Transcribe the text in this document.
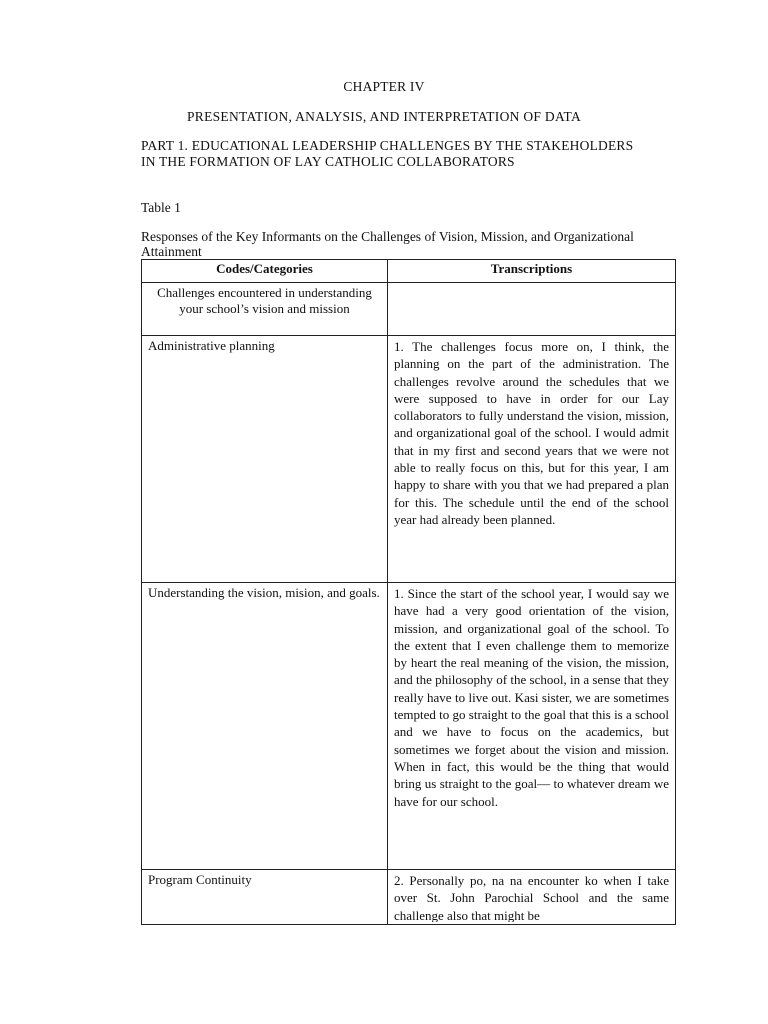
CHAPTER IV
PRESENTATION, ANALYSIS, AND INTERPRETATION OF DATA
PART 1. EDUCATIONAL LEADERSHIP CHALLENGES BY THE STAKEHOLDERS IN THE FORMATION OF LAY CATHOLIC COLLABORATORS
Table 1
Responses of the Key Informants on the Challenges of Vision, Mission, and Organizational Attainment
Codes/Categories	Transcriptions
Challenges encountered in understanding your school’s vision and mission	
Administrative planning	1. The challenges focus more on, I think, the planning on the part of the administration. The challenges revolve around the schedules that we were supposed to have in order for our Lay collaborators to fully understand the vision, mission, and organizational goal of the school. I would admit that in my first and second years that we were not able to really focus on this, but for this year, I am happy to share with you that we had prepared a plan for this. The schedule until the end of the school year had already been planned.
Understanding the vision, mision, and goals.	1. Since the start of the school year, I would say we have had a very good orientation of the vision, mission, and organizational goal of the school. To the extent that I even challenge them to memorize by heart the real meaning of the vision, the mission, and the philosophy of the school, in a sense that they really have to live out. Kasi sister, we are sometimes tempted to go straight to the goal that this is a school and we have to focus on the academics, but sometimes we forget about the vision and mission. When in fact, this would be the thing that would bring us straight to the goal— to whatever dream we have for our school.
Program Continuity	2. Personally po, na na encounter ko when I take over St. John Parochial School and the same challenge also that might be
